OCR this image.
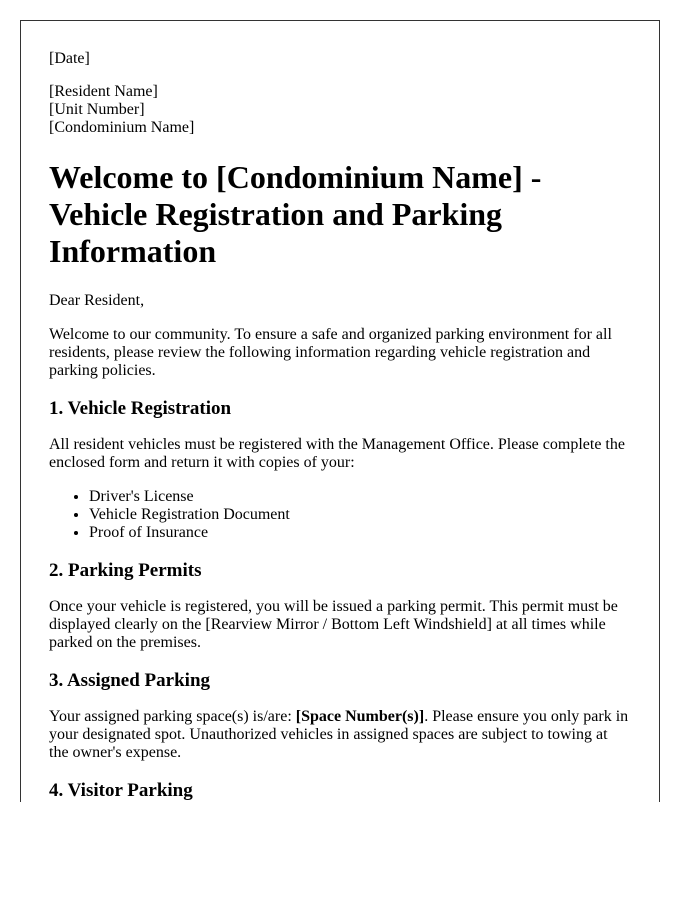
[Date]

[Resident Name]
[Unit Number]
[Condominium Name]

Welcome to [Condominium Name] - Vehicle Registration and Parking Information

Dear Resident,

Welcome to our community. To ensure a safe and organized parking environment for all residents, please review the following information regarding vehicle registration and parking policies.

1. Vehicle Registration

All resident vehicles must be registered with the Management Office. Please complete the enclosed form and return it with copies of your:

• Driver's License
• Vehicle Registration Document
• Proof of Insurance
2. Parking Permits

Once your vehicle is registered, you will be issued a parking permit. This permit must be displayed clearly on the [Rearview Mirror / Bottom Left Windshield] at all times while parked on the premises.

3. Assigned Parking

Your assigned parking space(s) is/are: [Space Number(s)]. Please ensure you only park in your designated spot. Unauthorized vehicles in assigned spaces are subject to towing at the owner's expense.

4. Visitor Parking
